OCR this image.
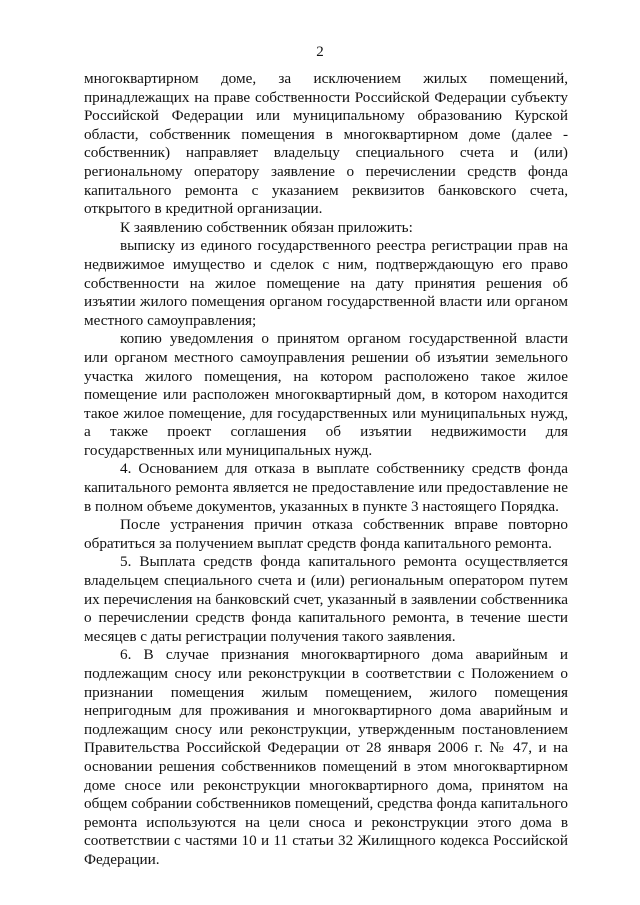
2

многоквартирном доме, за исключением жилых помещений, принадлежащих на праве собственности Российской Федерации субъекту Российской Федерации или муниципальному образованию Курской области, собственник помещения в многоквартирном доме (далее - собственник) направляет владельцу специального счета и (или) региональному оператору заявление о перечислении средств фонда капитального ремонта с указанием реквизитов банковского счета, открытого в кредитной организации.

К заявлению собственник обязан приложить:

выписку из единого государственного реестра регистрации прав на недвижимое имущество и сделок с ним, подтверждающую его право собственности на жилое помещение на дату принятия решения об изъятии жилого помещения органом государственной власти или органом местного самоуправления;

копию уведомления о принятом органом государственной власти или органом местного самоуправления решении об изъятии земельного участка жилого помещения, на котором расположено такое жилое помещение или расположен многоквартирный дом, в котором находится такое жилое помещение, для государственных или муниципальных нужд, а также проект соглашения об изъятии недвижимости для государственных или муниципальных нужд.

4. Основанием для отказа в выплате собственнику средств фонда капитального ремонта является не предоставление или предоставление не в полном объеме документов, указанных в пункте 3 настоящего Порядка.

После устранения причин отказа собственник вправе повторно обратиться за получением выплат средств фонда капитального ремонта.

5. Выплата средств фонда капитального ремонта осуществляется владельцем специального счета и (или) региональным оператором путем их перечисления на банковский счет, указанный в заявлении собственника о перечислении средств фонда капитального ремонта, в течение шести месяцев с даты регистрации получения такого заявления.

6. В случае признания многоквартирного дома аварийным и подлежащим сносу или реконструкции в соответствии с Положением о признании помещения жилым помещением, жилого помещения непригодным для проживания и многоквартирного дома аварийным и подлежащим сносу или реконструкции, утвержденным постановлением Правительства Российской Федерации от 28 января 2006 г. № 47, и на основании решения собственников помещений в этом многоквартирном доме сносе или реконструкции многоквартирного дома, принятом на общем собрании собственников помещений, средства фонда капитального ремонта используются на цели сноса и реконструкции этого дома в соответствии с частями 10 и 11 статьи 32 Жилищного кодекса Российской Федерации.
